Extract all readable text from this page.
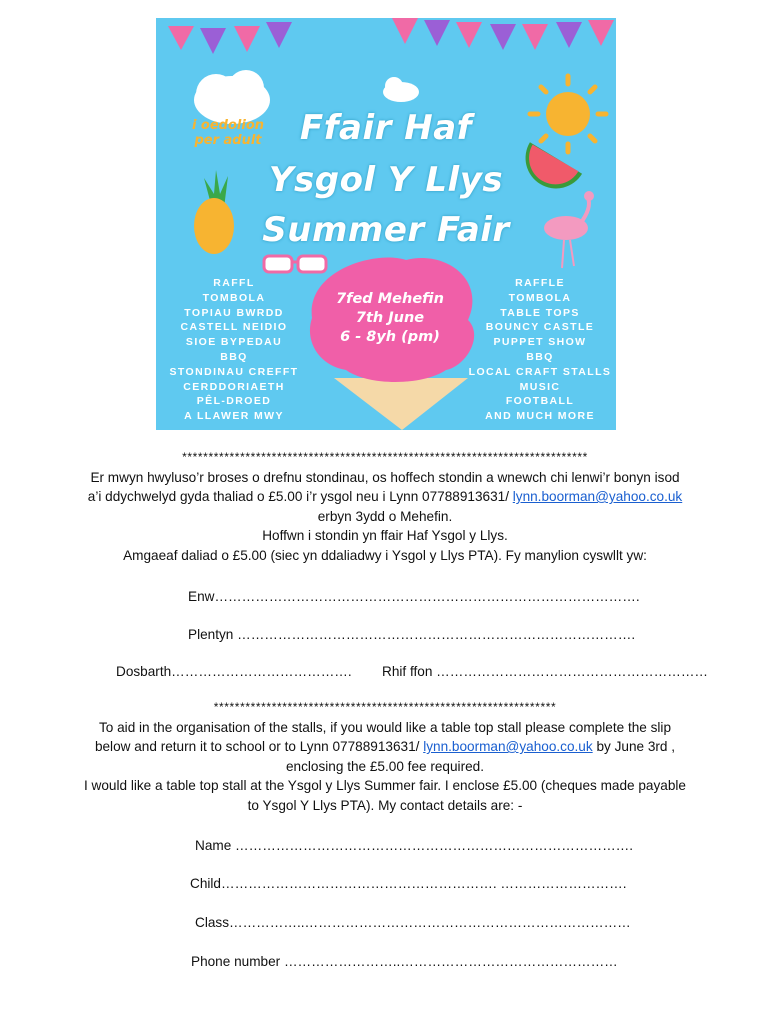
£1
i oedolion per adult	Ffair Haf
Ysgol Y Llys
Summer Fair
RAFFL
TOMBOLA
TOPIAU BWRDD
CASTELL NEIDIO
SIOE BYPEDAU
BBQ
STONDINAU CREFFT
CERDDORIAETH
PÊL-DROED
A LLAWER MWY
RAFFLE
TOMBOLA
TABLE TOPS
BOUNCY CASTLE
PUPPET SHOW
BBQ
LOCAL CRAFT STALLS
MUSIC
FOOTBALL
AND MUCH MORE
7fed Mehefin
7th June
6 - 8yh (pm)
*****************************************************************************
Er mwyn hwyluso’r broses o drefnu stondinau, os hoffech stondin a wnewch chi lenwi’r bonyn isod
a’i ddychwelyd gyda thaliad o £5.00 i’r ysgol neu i Lynn 07788913631/ lynn.boorman@yahoo.co.uk
erbyn 3ydd o Mehefin.
Hoffwn i stondin yn ffair Haf Ysgol y Llys.
Amgaeaf daliad o £5.00 (siec yn ddaliadwy i Ysgol y Llys PTA). Fy manylion cyswllt yw:
Enw………………………………………………………………………………….
Plentyn …………………………………………………………………………….
Dosbarth…………………………………. Rhif ffon ……………………………………………………
*****************************************************************
To aid in the organisation of the stalls, if you would like a table top stall please complete the slip
below and return it to school or to Lynn 07788913631/ lynn.boorman@yahoo.co.uk by June 3rd ,
enclosing the £5.00 fee required.
I would like a table top stall at the Ysgol y Llys Summer fair. I enclose £5.00 (cheques made payable
to Ysgol Y Llys PTA). My contact details are: -
Name …………………………………………………………………………….
Child……………………………………………………. ……………………….
Class……………..………………………………………………………………
Phone number ……………………..…………………………………………
